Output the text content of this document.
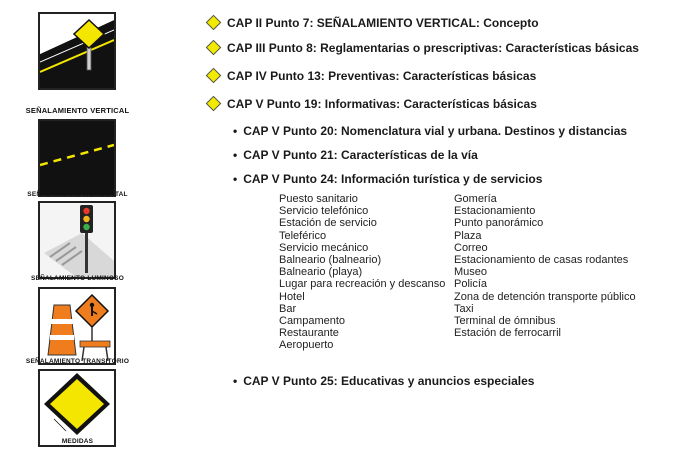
SEÑALAMIENTO VERTICAL
SEÑALAMIENTO HORIZONTAL
SEÑALAMIENTO LUMINOSO
SEÑALAMIENTO TRANSITORIO
MEDIDAS
CAP II Punto 7: SEÑALAMIENTO VERTICAL: Concepto
CAP III Punto 8: Reglamentarias o prescriptivas: Características básicas
CAP IV Punto 13: Preventivas: Características básicas
CAP V Punto 19: Informativas: Características básicas
• CAP V Punto 20: Nomenclatura vial y urbana. Destinos y distancias
• CAP V Punto 21: Características de la vía
• CAP V Punto 24: Información turística y de servicios
Puesto sanitario
Servicio telefónico
Estación de servicio
Teleférico
Servicio mecánico
Balneario (balneario)
Balneario (playa)
Lugar para recreación y descanso
Hotel
Bar
Campamento
Restaurante
Aeropuerto
Gomería
Estacionamiento
Punto panorámico
Plaza
Correo
Estacionamiento de casas rodantes
Museo
Policía
Zona de detención transporte público
Taxi
Terminal de ómnibus
Estación de ferrocarril
• CAP V Punto 25: Educativas y anuncios especiales
